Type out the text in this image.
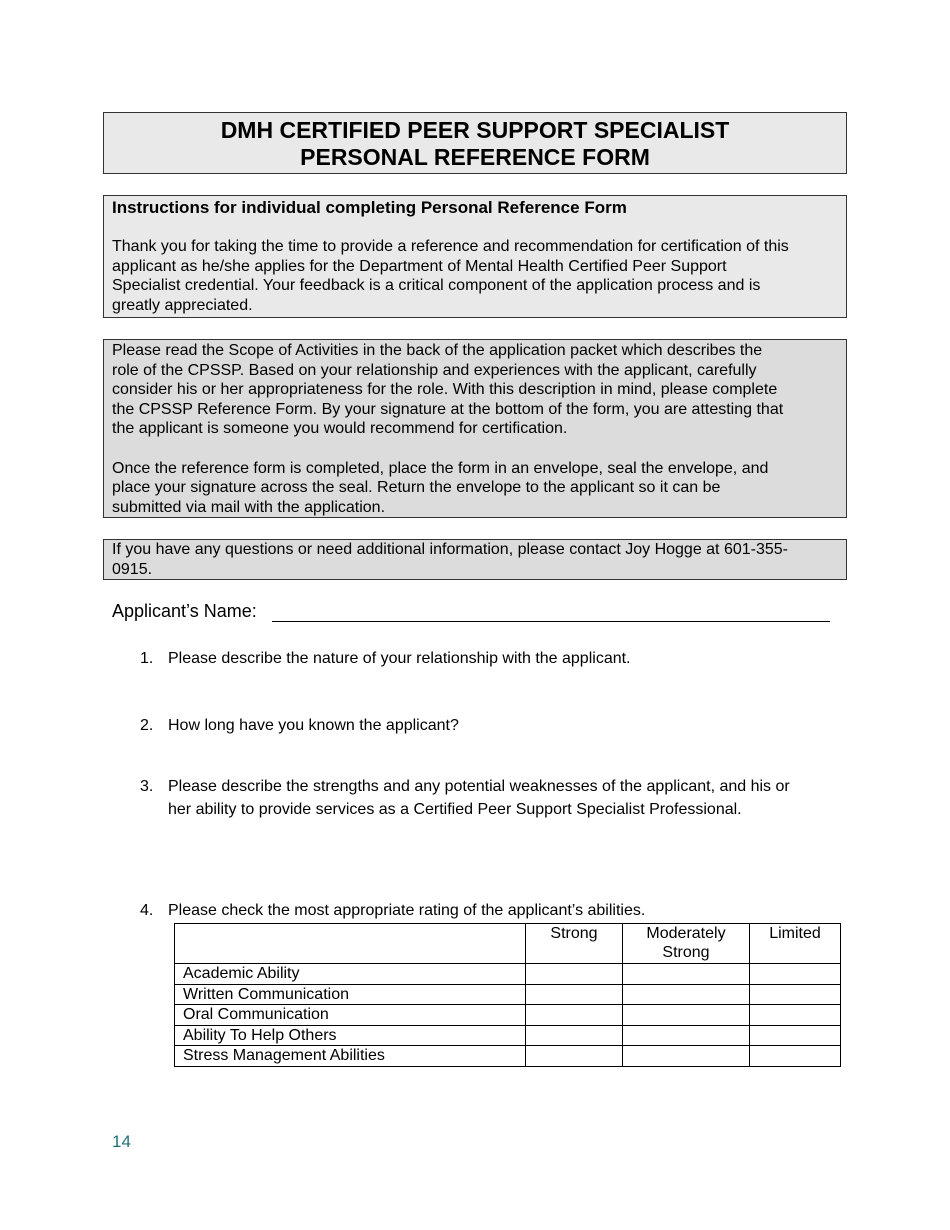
DMH CERTIFIED PEER SUPPORT SPECIALIST
PERSONAL REFERENCE FORM
Instructions for individual completing Personal Reference Form
Thank you for taking the time to provide a reference and recommendation for certification of this
applicant as he/she applies for the Department of Mental Health Certified Peer Support
Specialist credential. Your feedback is a critical component of the application process and is
greatly appreciated.
Please read the Scope of Activities in the back of the application packet which describes the
role of the CPSSP. Based on your relationship and experiences with the applicant, carefully
consider his or her appropriateness for the role. With this description in mind, please complete
the CPSSP Reference Form. By your signature at the bottom of the form, you are attesting that
the applicant is someone you would recommend for certification.
Once the reference form is completed, place the form in an envelope, seal the envelope, and
place your signature across the seal. Return the envelope to the applicant so it can be
submitted via mail with the application.
If you have any questions or need additional information, please contact Joy Hogge at 601-355-
0915.
Applicant’s Name:
1. Please describe the nature of your relationship with the applicant.
2. How long have you known the applicant?
3. Please describe the strengths and any potential weaknesses of the applicant, and his or
her ability to provide services as a Certified Peer Support Specialist Professional.
4. Please check the most appropriate rating of the applicant’s abilities.
	Strong	Moderately
Strong	Limited
Academic Ability			
Written Communication			
Oral Communication			
Ability To Help Others			
Stress Management Abilities			
14
